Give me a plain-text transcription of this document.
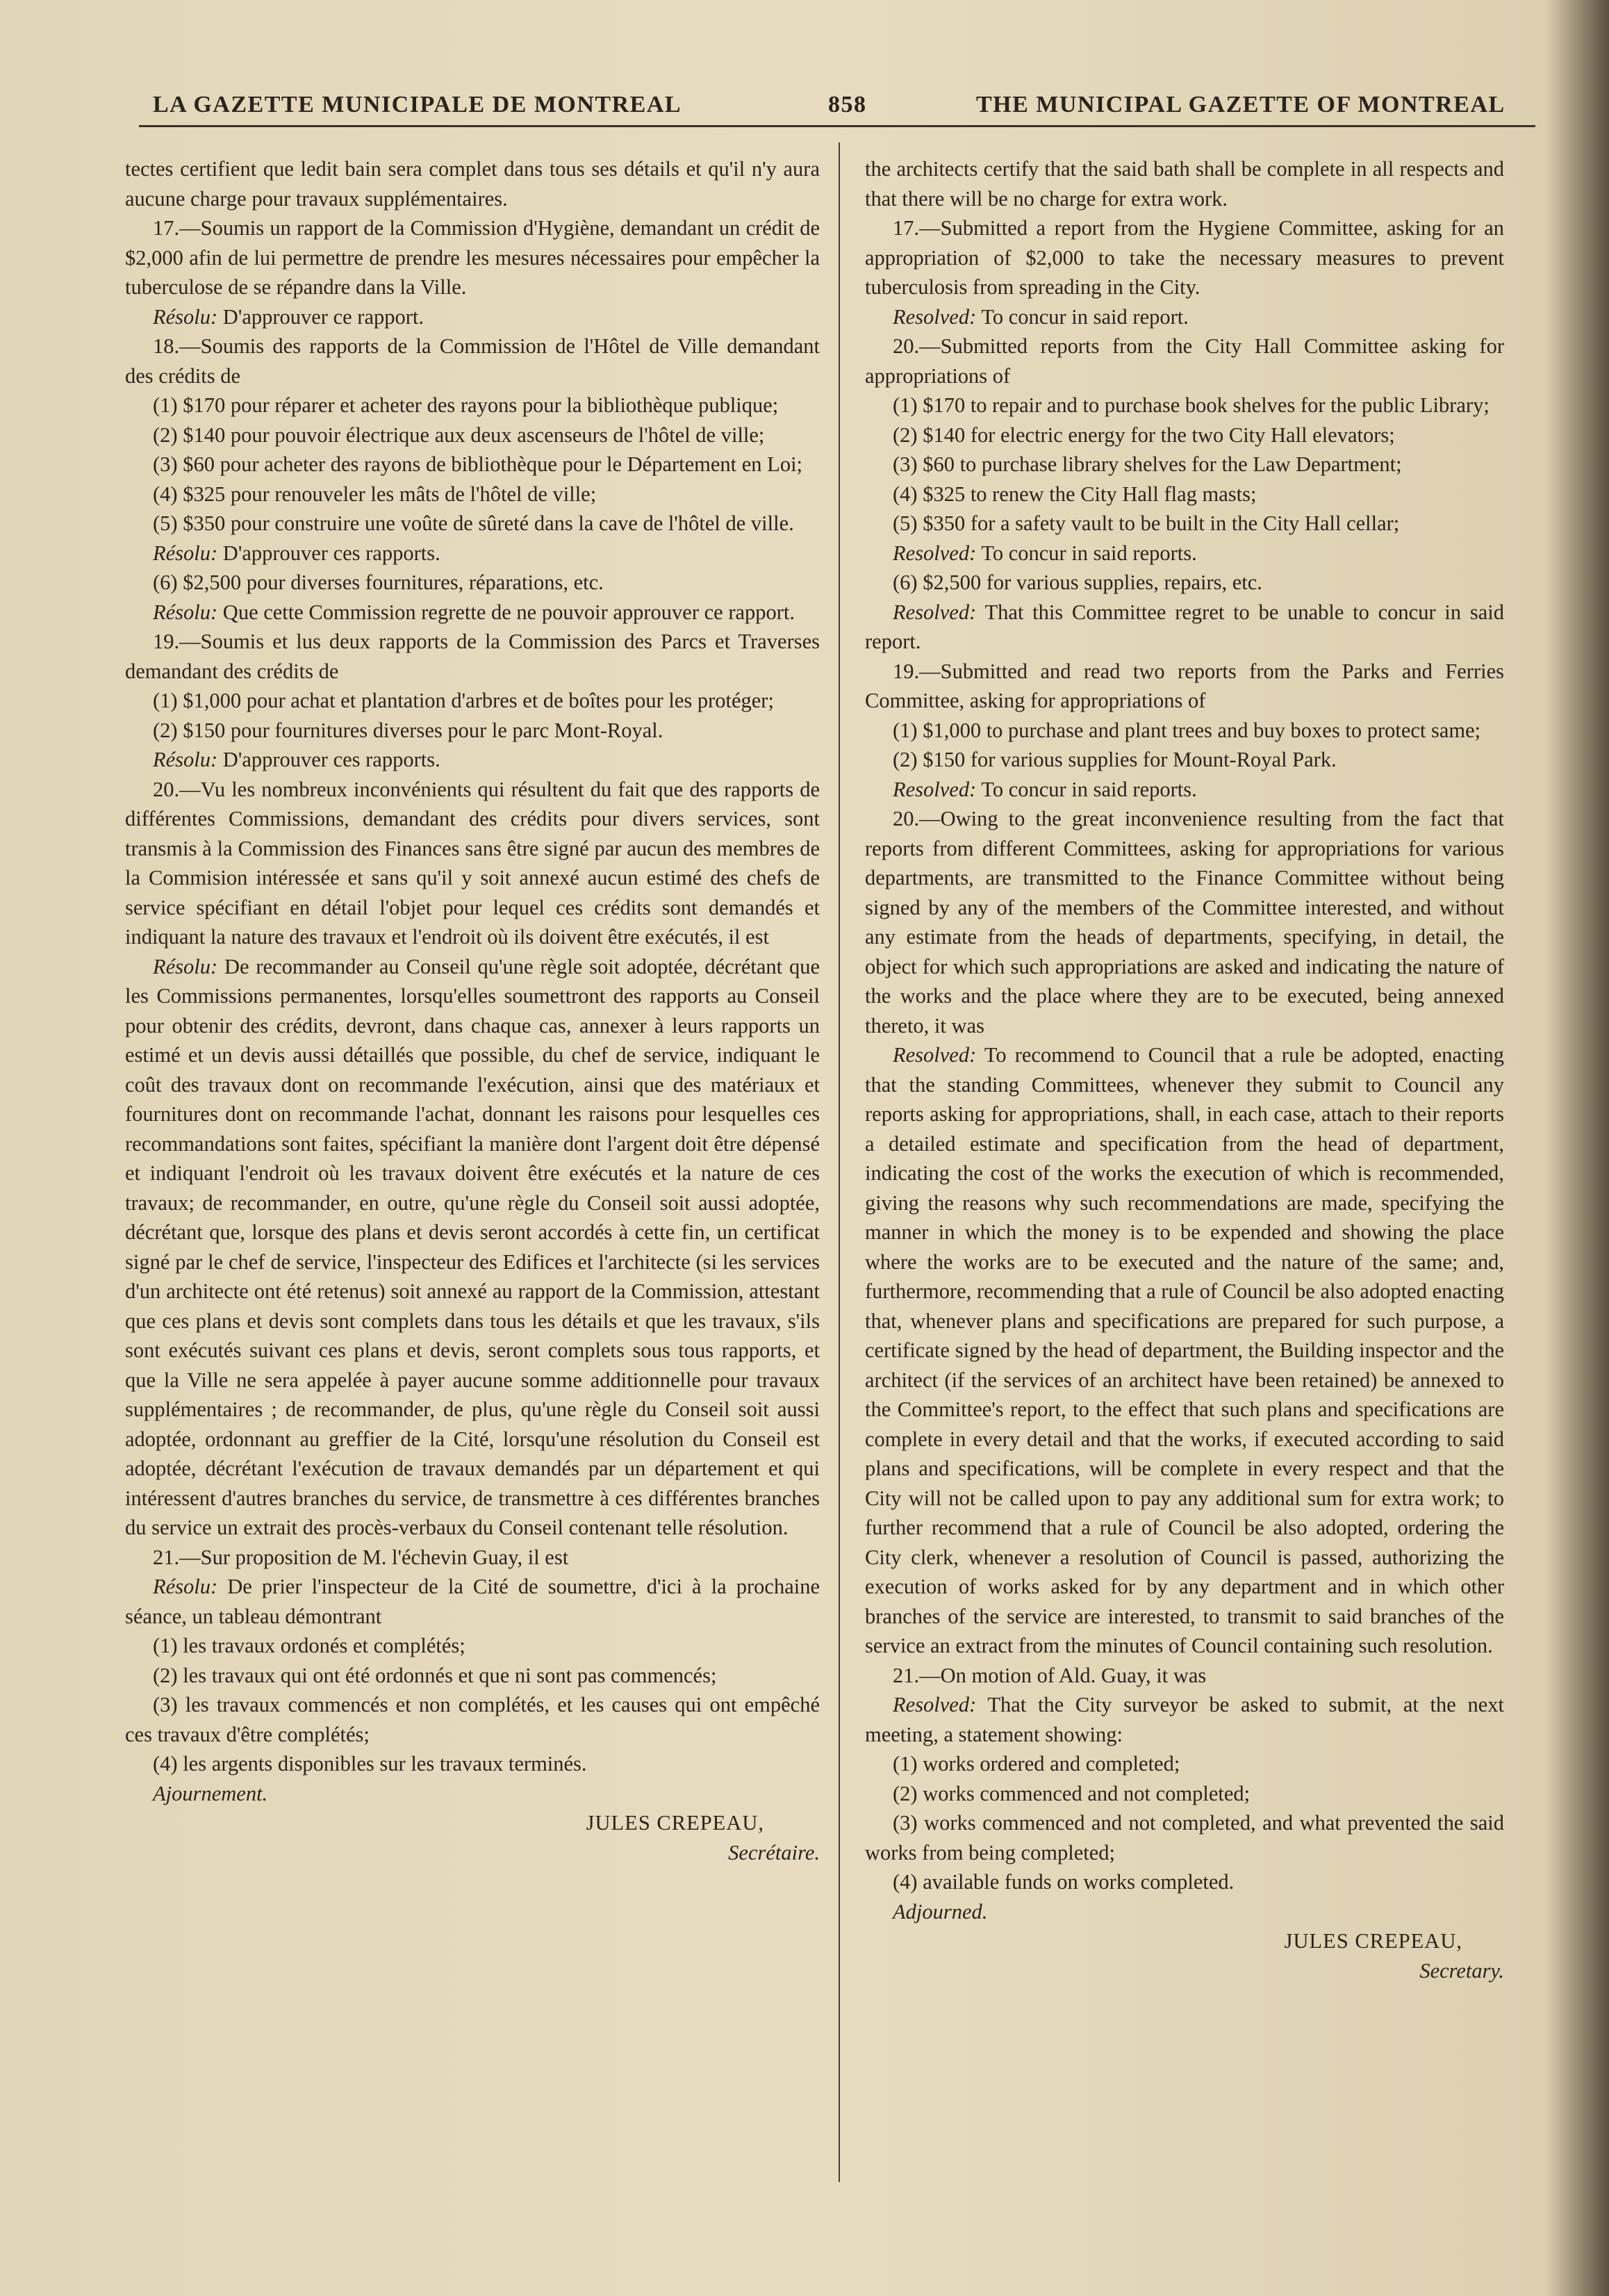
LA GAZETTE MUNICIPALE DE MONTREAL	858	THE MUNICIPAL GAZETTE OF MONTREAL

tectes certifient que ledit bain sera complet dans tous ses détails et qu'il n'y aura aucune charge pour travaux supplémentaires.

17.—Soumis un rapport de la Commission d'Hygiène, demandant un crédit de $2,000 afin de lui permettre de prendre les mesures nécessaires pour empêcher la tuberculose de se répandre dans la Ville.

Résolu: D'approuver ce rapport.

18.—Soumis des rapports de la Commission de l'Hôtel de Ville demandant des crédits de

(1) $170 pour réparer et acheter des rayons pour la bibliothèque publique;

(2) $140 pour pouvoir électrique aux deux ascenseurs de l'hôtel de ville;

(3) $60 pour acheter des rayons de bibliothèque pour le Département en Loi;

(4) $325 pour renouveler les mâts de l'hôtel de ville;

(5) $350 pour construire une voûte de sûreté dans la cave de l'hôtel de ville.

Résolu: D'approuver ces rapports.

(6) $2,500 pour diverses fournitures, réparations, etc.

Résolu: Que cette Commission regrette de ne pouvoir approuver ce rapport.

19.—Soumis et lus deux rapports de la Commission des Parcs et Traverses demandant des crédits de

(1) $1,000 pour achat et plantation d'arbres et de boîtes pour les protéger;

(2) $150 pour fournitures diverses pour le parc Mont-Royal.

Résolu: D'approuver ces rapports.

20.—Vu les nombreux inconvénients qui résultent du fait que des rapports de différentes Commissions, demandant des crédits pour divers services, sont transmis à la Commission des Finances sans être signé par aucun des membres de la Commision intéressée et sans qu'il y soit annexé aucun estimé des chefs de service spécifiant en détail l'objet pour lequel ces crédits sont demandés et indiquant la nature des travaux et l'endroit où ils doivent être exécutés, il est

Résolu: De recommander au Conseil qu'une règle soit adoptée, décrétant que les Commissions permanentes, lorsqu'elles soumettront des rapports au Conseil pour obtenir des crédits, devront, dans chaque cas, annexer à leurs rapports un estimé et un devis aussi détaillés que possible, du chef de service, indiquant le coût des travaux dont on recommande l'exécution, ainsi que des matériaux et fournitures dont on recommande l'achat, donnant les raisons pour lesquelles ces recommandations sont faites, spécifiant la manière dont l'argent doit être dépensé et indiquant l'endroit où les travaux doivent être exécutés et la nature de ces travaux; de recommander, en outre, qu'une règle du Conseil soit aussi adoptée, décrétant que, lorsque des plans et devis seront accordés à cette fin, un certificat signé par le chef de service, l'inspecteur des Edifices et l'architecte (si les services d'un architecte ont été retenus) soit annexé au rapport de la Commission, attestant que ces plans et devis sont complets dans tous les détails et que les travaux, s'ils sont exécutés suivant ces plans et devis, seront complets sous tous rapports, et que la Ville ne sera appelée à payer aucune somme additionnelle pour travaux supplémentaires ; de recommander, de plus, qu'une règle du Conseil soit aussi adoptée, ordonnant au greffier de la Cité, lorsqu'une résolution du Conseil est adoptée, décrétant l'exécution de travaux demandés par un département et qui intéressent d'autres branches du service, de transmettre à ces différentes branches du service un extrait des procès-verbaux du Conseil contenant telle résolution.

21.—Sur proposition de M. l'échevin Guay, il est

Résolu: De prier l'inspecteur de la Cité de soumettre, d'ici à la prochaine séance, un tableau démontrant

(1) les travaux ordonés et complétés;

(2) les travaux qui ont été ordonnés et que ni sont pas commencés;

(3) les travaux commencés et non complétés, et les causes qui ont empêché ces travaux d'être complétés;

(4) les argents disponibles sur les travaux terminés.

Ajournement.

JULES CREPEAU,

Secrétaire.

the architects certify that the said bath shall be complete in all respects and that there will be no charge for extra work.

17.—Submitted a report from the Hygiene Committee, asking for an appropriation of $2,000 to take the necessary measures to prevent tuberculosis from spreading in the City.

Resolved: To concur in said report.

20.—Submitted reports from the City Hall Committee asking for appropriations of

(1) $170 to repair and to purchase book shelves for the public Library;

(2) $140 for electric energy for the two City Hall elevators;

(3) $60 to purchase library shelves for the Law Department;

(4) $325 to renew the City Hall flag masts;

(5) $350 for a safety vault to be built in the City Hall cellar;

Resolved: To concur in said reports.

(6) $2,500 for various supplies, repairs, etc.

Resolved: That this Committee regret to be unable to concur in said report.

19.—Submitted and read two reports from the Parks and Ferries Committee, asking for appropriations of

(1) $1,000 to purchase and plant trees and buy boxes to protect same;

(2) $150 for various supplies for Mount-Royal Park.

Resolved: To concur in said reports.

20.—Owing to the great inconvenience resulting from the fact that reports from different Committees, asking for appropriations for various departments, are transmitted to the Finance Committee without being signed by any of the members of the Committee interested, and without any estimate from the heads of departments, specifying, in detail, the object for which such appropriations are asked and indicating the nature of the works and the place where they are to be executed, being annexed thereto, it was

Resolved: To recommend to Council that a rule be adopted, enacting that the standing Committees, whenever they submit to Council any reports asking for appropriations, shall, in each case, attach to their reports a detailed estimate and specification from the head of department, indicating the cost of the works the execution of which is recommended, giving the reasons why such recommendations are made, specifying the manner in which the money is to be expended and showing the place where the works are to be executed and the nature of the same; and, furthermore, recommending that a rule of Council be also adopted enacting that, whenever plans and specifications are prepared for such purpose, a certificate signed by the head of department, the Building inspector and the architect (if the services of an architect have been retained) be annexed to the Committee's report, to the effect that such plans and specifications are complete in every detail and that the works, if executed according to said plans and specifications, will be complete in every respect and that the City will not be called upon to pay any additional sum for extra work; to further recommend that a rule of Council be also adopted, ordering the City clerk, whenever a resolution of Council is passed, authorizing the execution of works asked for by any department and in which other branches of the service are interested, to transmit to said branches of the service an extract from the minutes of Council containing such resolution.

21.—On motion of Ald. Guay, it was

Resolved: That the City surveyor be asked to submit, at the next meeting, a statement showing:

(1) works ordered and completed;

(2) works commenced and not completed;

(3) works commenced and not completed, and what prevented the said works from being completed;

(4) available funds on works completed.

Adjourned.

JULES CREPEAU,

Secretary.
